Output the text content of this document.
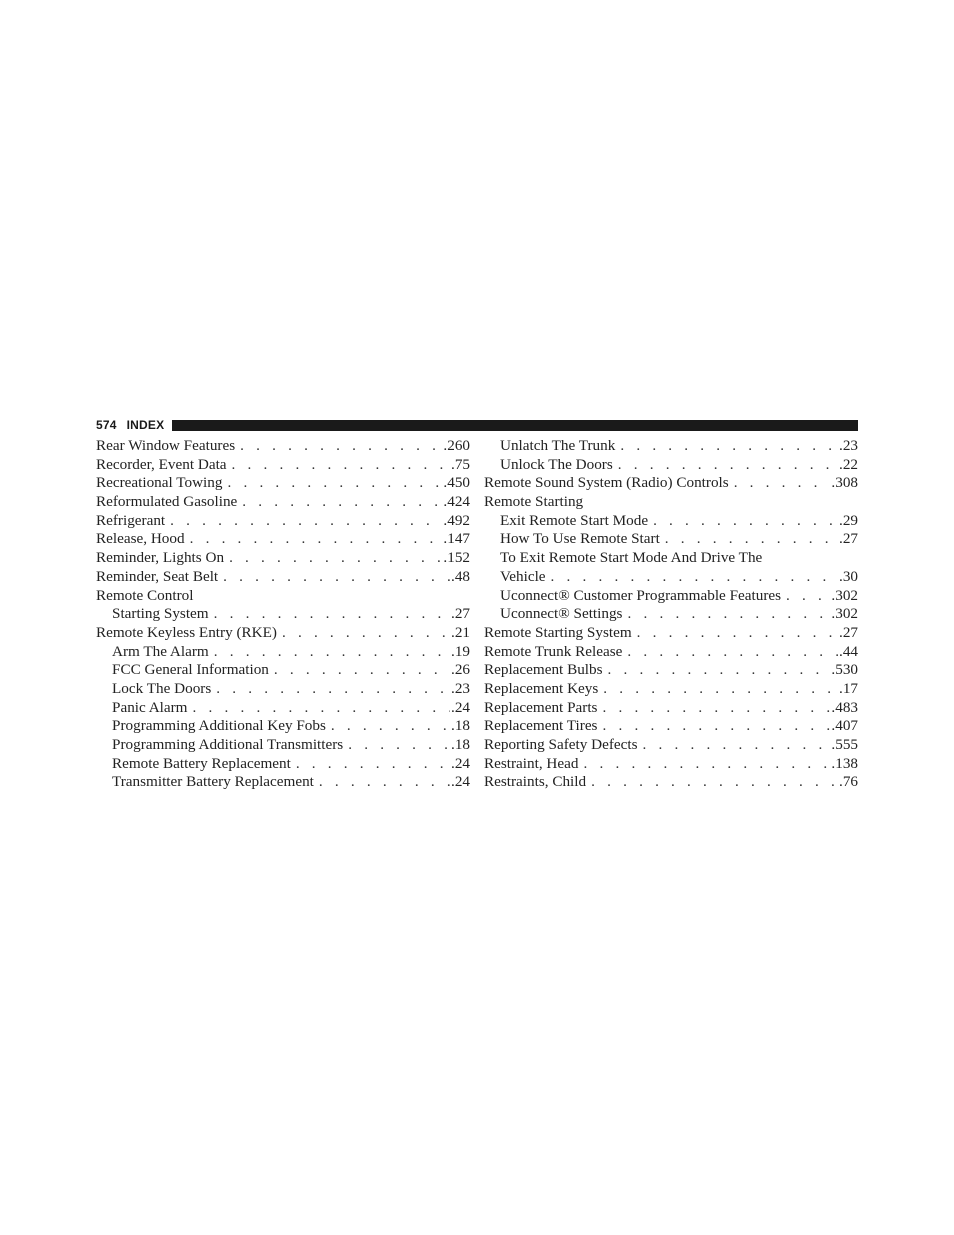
574 INDEX
Rear Window Features . . .	.260
Recorder, Event Data . . .	.75
Recreational Towing . . .	.450
Reformulated Gasoline . . .	.424
Refrigerant . . .	.492
Release, Hood . . .	.147
Reminder, Lights On . . .	.152
Reminder, Seat Belt . . .	.48
Remote Control
Starting System . . .	.27
Remote Keyless Entry (RKE) . . .	.21
Arm The Alarm . . .	.19
FCC General Information . . .	.26
Lock The Doors . . .	.23
Panic Alarm . . .	.24
Programming Additional Key Fobs . . .	.18
Programming Additional Transmitters . . .	.18
Remote Battery Replacement . . .	.24
Transmitter Battery Replacement . . .	.24
Unlatch The Trunk . . .	.23
Unlock The Doors . . .	.22
Remote Sound System (Radio) Controls . . .	.308
Remote Starting
Exit Remote Start Mode . . .	.29
How To Use Remote Start . . .	.27
To Exit Remote Start Mode And Drive The
Vehicle . . .	.30
Uconnect® Customer Programmable Features . . .	.302
Uconnect® Settings . . .	.302
Remote Starting System . . .	.27
Remote Trunk Release . . .	.44
Replacement Bulbs . . .	.530
Replacement Keys . . .	.17
Replacement Parts . . .	.483
Replacement Tires . . .	.407
Reporting Safety Defects . . .	.555
Restraint, Head . . .	.138
Restraints, Child . . .	.76
